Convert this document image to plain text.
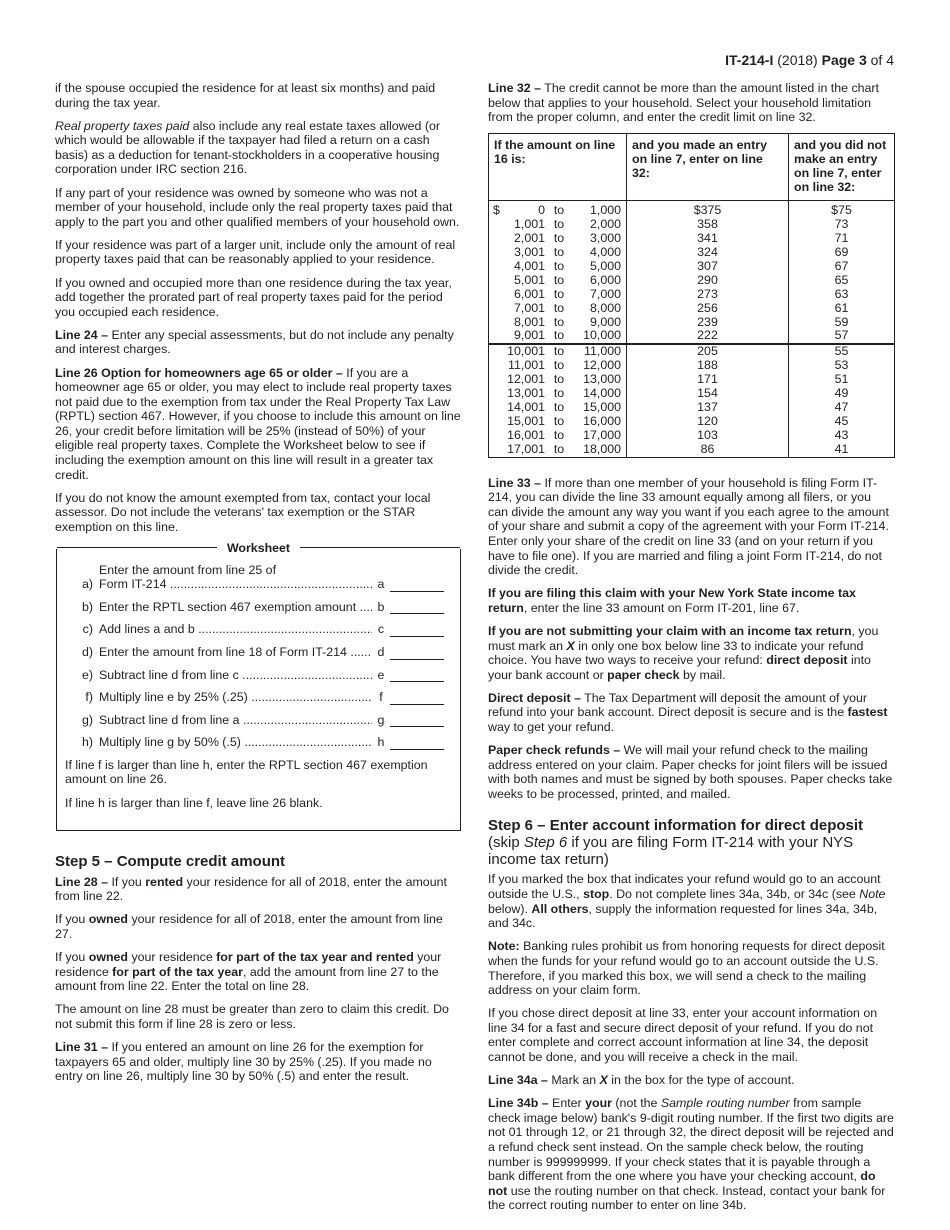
IT-214-I (2018) Page 3 of 4
if the spouse occupied the residence for at least six months) and paid during the tax year.
Real property taxes paid also include any real estate taxes allowed (or which would be allowable if the taxpayer had filed a return on a cash basis) as a deduction for tenant-stockholders in a cooperative housing corporation under IRC section 216.
If any part of your residence was owned by someone who was not a member of your household, include only the real property taxes paid that apply to the part you and other qualified members of your household own.
If your residence was part of a larger unit, include only the amount of real property taxes paid that can be reasonably applied to your residence.
If you owned and occupied more than one residence during the tax year, add together the prorated part of real property taxes paid for the period you occupied each residence.
Line 24 – Enter any special assessments, but do not include any penalty and interest charges.
Line 26 Option for homeowners age 65 or older – If you are a homeowner age 65 or older, you may elect to include real property taxes not paid due to the exemption from tax under the Real Property Tax Law (RPTL) section 467. However, if you choose to include this amount on line 26, your credit before limitation will be 25% (instead of 50%) of your eligible real property taxes. Complete the Worksheet below to see if including the exemption amount on this line will result in a greater tax credit.
If you do not know the amount exempted from tax, contact your local assessor. Do not include the veterans' tax exemption or the STAR exemption on this line.
Worksheet
a)
Enter the amount from line 25 of
Form IT-214 .....	a
b) Enter the RPTL section 467 exemption amount .....	b
c) Add lines a and b .....	c
d) Enter the amount from line 18 of Form IT-214 .....	d
e) Subtract line d from line c .....	e
f) Multiply line e by 25% (.25) .....	f
g) Subtract line d from line a .....	g
h) Multiply line g by 50% (.5) .....	h
If line f is larger than line h, enter the RPTL section 467 exemption amount on line 26.
If line h is larger than line f, leave line 26 blank.
Step 5 – Compute credit amount
Line 28 – If you rented your residence for all of 2018, enter the amount from line 22.
If you owned your residence for all of 2018, enter the amount from line 27.
If you owned your residence for part of the tax year and rented your residence for part of the tax year, add the amount from line 27 to the amount from line 22. Enter the total on line 28.
The amount on line 28 must be greater than zero to claim this credit. Do not submit this form if line 28 is zero or less.
Line 31 – If you entered an amount on line 26 for the exemption for taxpayers 65 and older, multiply line 30 by 25% (.25). If you made no entry on line 26, multiply line 30 by 50% (.5) and enter the result.
Line 32 – The credit cannot be more than the amount listed in the chart below that applies to your household. Select your household limitation from the proper column, and enter the credit limit on line 32.
If the amount on line 16 is:	and you made an entry on line 7, enter on line 32:	and you did not make an entry on line 7, enter on line 32:

$ 0 to 1,000	$375	$75

1,001 to 2,000	358	73

2,001 to 3,000	341	71

3,001 to 4,000	324	69

4,001 to 5,000	307	67

5,001 to 6,000	290	65

6,001 to 7,000	273	63

7,001 to 8,000	256	61

8,001 to 9,000	239	59

9,001 to 10,000	222	57

10,001 to 11,000	205	55

11,001 to 12,000	188	53

12,001 to 13,000	171	51

13,001 to 14,000	154	49

14,001 to 15,000	137	47

15,001 to 16,000	120	45

16,001 to 17,000	103	43

17,001 to 18,000	86	41
Line 33 – If more than one member of your household is filing Form IT-214, you can divide the line 33 amount equally among all filers, or you can divide the amount any way you want if you each agree to the amount of your share and submit a copy of the agreement with your Form IT-214. Enter only your share of the credit on line 33 (and on your return if you have to file one). If you are married and filing a joint Form IT-214, do not divide the credit.
If you are filing this claim with your New York State income tax return, enter the line 33 amount on Form IT-201, line 67.
If you are not submitting your claim with an income tax return, you must mark an X in only one box below line 33 to indicate your refund choice. You have two ways to receive your refund: direct deposit into your bank account or paper check by mail.
Direct deposit – The Tax Department will deposit the amount of your refund into your bank account. Direct deposit is secure and is the fastest way to get your refund.
Paper check refunds – We will mail your refund check to the mailing address entered on your claim. Paper checks for joint filers will be issued with both names and must be signed by both spouses. Paper checks take weeks to be processed, printed, and mailed.
Step 6 – Enter account information for direct deposit (skip Step 6 if you are filing Form IT-214 with your NYS income tax return)
If you marked the box that indicates your refund would go to an account outside the U.S., stop. Do not complete lines 34a, 34b, or 34c (see Note below). All others, supply the information requested for lines 34a, 34b, and 34c.
Note: Banking rules prohibit us from honoring requests for direct deposit when the funds for your refund would go to an account outside the U.S. Therefore, if you marked this box, we will send a check to the mailing address on your claim form.
If you chose direct deposit at line 33, enter your account information on line 34 for a fast and secure direct deposit of your refund. If you do not enter complete and correct account information at line 34, the deposit cannot be done, and you will receive a check in the mail.
Line 34a – Mark an X in the box for the type of account.
Line 34b – Enter your (not the Sample routing number from sample check image below) bank's 9-digit routing number. If the first two digits are not 01 through 12, or 21 through 32, the direct deposit will be rejected and a refund check sent instead. On the sample check below, the routing number is 999999999. If your check states that it is payable through a bank different from the one where you have your checking account, do not use the routing number on that check. Instead, contact your bank for the correct routing number to enter on line 34b.
